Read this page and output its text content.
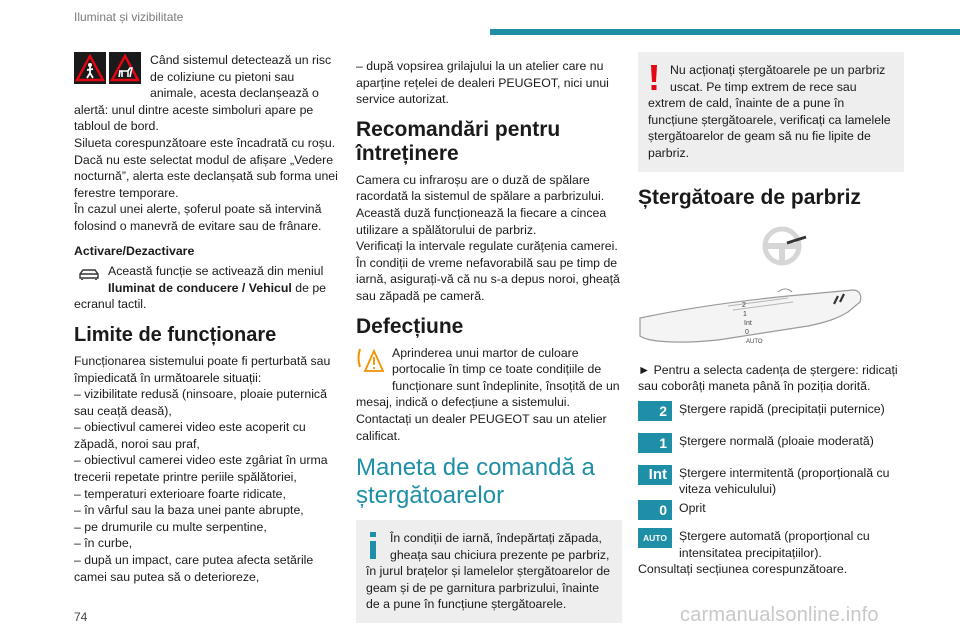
Iluminat și vizibilitate

Când sistemul detectează un risc de coliziune cu pietoni sau animale, acesta declanșează o alertă: unul dintre aceste simboluri apare pe tabloul de bord.

Silueta corespunzătoare este încadrată cu roșu.

Dacă nu este selectat modul de afișare „Vedere nocturnă”, alerta este declanșată sub forma unei ferestre temporare.

În cazul unei alerte, șoferul poate să intervină folosind o manevră de evitare sau de frânare.

Activare/Dezactivare

Această funcție se activează din meniul Iluminat de conducere / Vehicul de pe ecranul tactil.
Limite de funcționare

Funcționarea sistemului poate fi perturbată sau împiedicată în următoarele situații:

– vizibilitate redusă (ninsoare, ploaie puternică sau ceață deasă),

– obiectivul camerei video este acoperit cu zăpadă, noroi sau praf,

– obiectivul camerei video este zgâriat în urma trecerii repetate printre periile spălătoriei,

– temperaturi exterioare foarte ridicate,

– în vârful sau la baza unei pante abrupte,

– pe drumurile cu multe serpentine,

– în curbe,

– după un impact, care putea afecta setările camei sau putea să o deterioreze,

– după vopsirea grilajului la un atelier care nu aparține rețelei de dealeri PEUGEOT, nici unui service autorizat.

Recomandări pentru întreținere

Camera cu infraroșu are o duză de spălare racordată la sistemul de spălare a parbrizului. Această duză funcționează la fiecare a cincea utilizare a spălătorului de parbriz.

Verificați la intervale regulate curățenia camerei. În condiții de vreme nefavorabilă sau pe timp de iarnă, asigurați-vă că nu s-a depus noroi, gheață sau zăpadă pe cameră.

Defecțiune

Aprinderea unui martor de culoare portocalie în timp ce toate condițiile de funcționare sunt îndeplinite, însoțită de un mesaj, indică o defecțiune a sistemului.

Contactați un dealer PEUGEOT sau un atelier calificat.

Maneta de comandă a ștergătoarelor

În condiții de iarnă, îndepărtați zăpada, gheața sau chiciura prezente pe parbriz, în jurul brațelor și lamelelor ștergătoarelor de geam și de pe garnitura parbrizului, înainte de a pune în funcțiune ștergătoarele.

Nu acționați ștergătoarele pe un parbriz uscat. Pe timp extrem de rece sau extrem de cald, înainte de a pune în funcțiune ștergătoarele, verificați ca lamelele ștergătoarelor de geam să nu fie lipite de parbriz.

Ștergătoare de parbriz
2
1
Int
0
AUTO

► Pentru a selecta cadența de ștergere: ridicați sau coborâți maneta până în poziția dorită.

2 Ștergere rapidă (precipitații puternice)
1 Ștergere normală (ploaie moderată)
Int Ștergere intermitentă (proporțională cu viteza vehiculului)
0 Oprit
AUTO Ștergere automată (proporțional cu intensitatea precipitațiilor).

Consultați secțiunea corespunzătoare.

74	carmanualsonline.info
